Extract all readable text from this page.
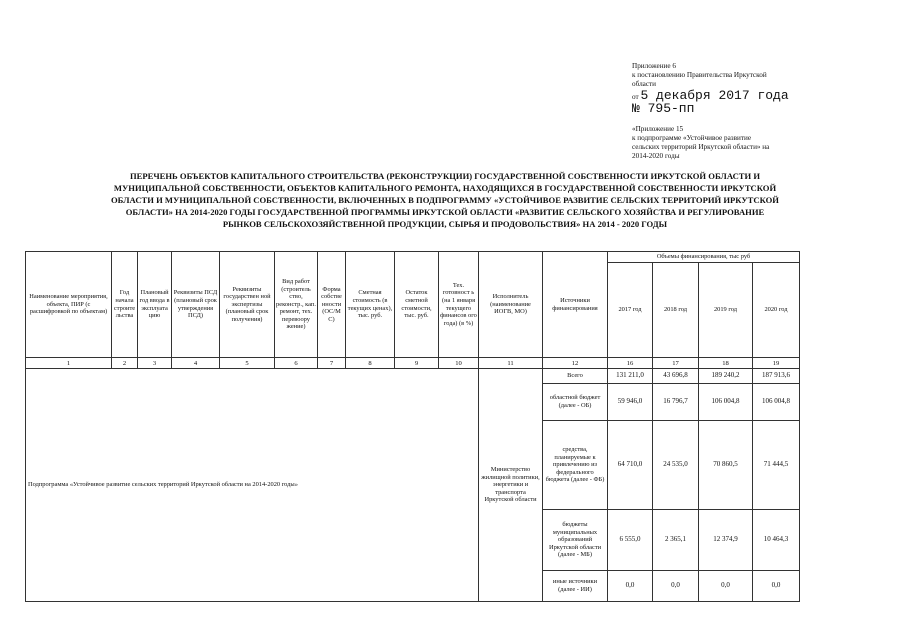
Приложение 6
к постановлению Правительства Иркутской
области
от 5 декабря 2017 года
№ 795-пп
«Приложение 15
к подпрограмме «Устойчивое развитие
сельских территорий Иркутской области» на
2014-2020 годы
ПЕРЕЧЕНЬ ОБЪЕКТОВ КАПИТАЛЬНОГО СТРОИТЕЛЬСТВА (РЕКОНСТРУКЦИИ) ГОСУДАРСТВЕННОЙ СОБСТВЕННОСТИ ИРКУТСКОЙ ОБЛАСТИ И
МУНИЦИПАЛЬНОЙ СОБСТВЕННОСТИ, ОБЪЕКТОВ КАПИТАЛЬНОГО РЕМОНТА, НАХОДЯЩИХСЯ В ГОСУДАРСТВЕННОЙ СОБСТВЕННОСТИ ИРКУТСКОЙ
ОБЛАСТИ И МУНИЦИПАЛЬНОЙ СОБСТВЕННОСТИ, ВКЛЮЧЕННЫХ В ПОДПРОГРАММУ «УСТОЙЧИВОЕ РАЗВИТИЕ СЕЛЬСКИХ ТЕРРИТОРИЙ ИРКУТСКОЙ
ОБЛАСТИ» НА 2014-2020 ГОДЫ ГОСУДАРСТВЕННОЙ ПРОГРАММЫ ИРКУТСКОЙ ОБЛАСТИ «РАЗВИТИЕ СЕЛЬСКОГО ХОЗЯЙСТВА И РЕГУЛИРОВАНИЕ
РЫНКОВ СЕЛЬСКОХОЗЯЙСТВЕННОЙ ПРОДУКЦИИ, СЫРЬЯ И ПРОДОВОЛЬСТВИЯ» НА 2014 - 2020 ГОДЫ
Наименование мероприятия, объекта, ПИР (с расшифровкой по объектам)	Год начала строите льства	Плановый год ввода в эксплуата цию	Реквизиты ПСД (плановый срок утверждения ПСД)	Реквизиты государствен ной экспертизы (плановый срок получения)	Вид работ (строитель ство, реконстр., кап. ремонт, тех. перевоору жение)	Форма собстве нности (ОС/М С)	Сметная стоимость (в текущих ценах), тыс. руб.	Остаток сметной стоимости, тыс. руб.	Тех. готовност ь (на 1 января текущего финансов ого года) (в %)	Исполнитель (наименование ИОГВ, МО)	Источники финансирования	Объемы финансирования, тыс руб			
												2017 год	2018 год	2019 год	2020 год
1	2	3	4	5	6	7	8	9	10	11	12	16	17	18	19
Подпрограмма «Устойчивое развитие сельских территорий Иркутской области на 2014-2020 годы»										Министерство жилищной политики, энергетики и транспорта Иркутской области	Всего	131 211,0	43 696,8	189 240,2	187 913,6
											областной бюджет (далее - ОБ)	59 946,0	16 796,7	106 004,8	106 004,8
											средства, планируемые к привлечению из федерального бюджета (далее - ФБ)	64 710,0	24 535,0	70 860,5	71 444,5
											бюджеты муниципальных образований Иркутской области (далее - МБ)	6 555,0	2 365,1	12 374,9	10 464,3
											иные источники (далее - ИИ)	0,0	0,0	0,0	0,0
